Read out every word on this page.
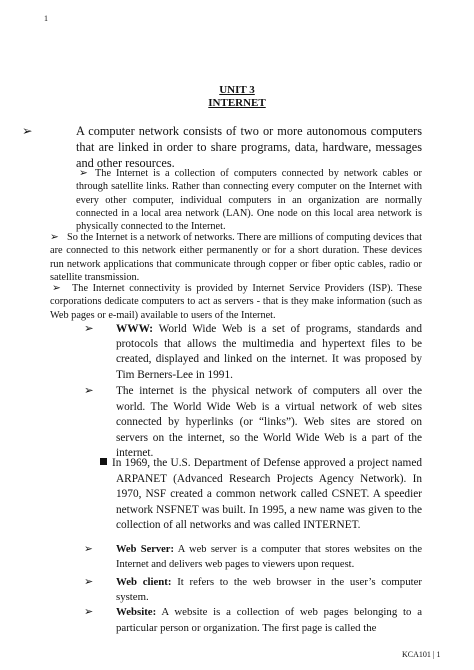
1
UNIT 3
INTERNET

➢	A computer network consists of two or more autonomous computers that are linked in order to share programs, data, hardware, messages and other resources.

➢ The Internet is a collection of computers connected by network cables or through satellite links. Rather than connecting every computer on the Internet with every other computer, individual computers in an organization are normally connected in a local area network (LAN). One node on this local area network is physically connected to the Internet.

➢ So the Internet is a network of networks. There are millions of computing devices that are connected to this network either permanently or for a short duration. These devices run network applications that communicate through copper or fiber optic cables, radio or satellite transmission.

➢ The Internet connectivity is provided by Internet Service Providers (ISP). These corporations dedicate computers to act as servers - that is they make information (such as Web pages or e-mail) available to users of the Internet.

➢ WWW: World Wide Web is a set of programs, standards and protocols that allows the multimedia and hypertext files to be created, displayed and linked on the internet. It was proposed by Tim Berners-Lee in 1991.

➢ The internet is the physical network of computers all over the world. The World Wide Web is a virtual network of web sites connected by hyperlinks (or “links”). Web sites are stored on servers on the internet, so the World Wide Web is a part of the internet.

In 1969, the U.S. Department of Defense approved a project named ARPANET (Advanced Research Projects Agency Network). In 1970, NSF created a common network called CSNET. A speedier network NSFNET was built. In 1995, a new name was given to the collection of all networks and was called INTERNET.

➢ Web Server: A web server is a computer that stores websites on the Internet and delivers web pages to viewers upon request.

➢ Web client: It refers to the web browser in the user’s computer system.

➢ Website: A website is a collection of web pages belonging to a particular person or organization. The first page is called the

KCA101 | 1
